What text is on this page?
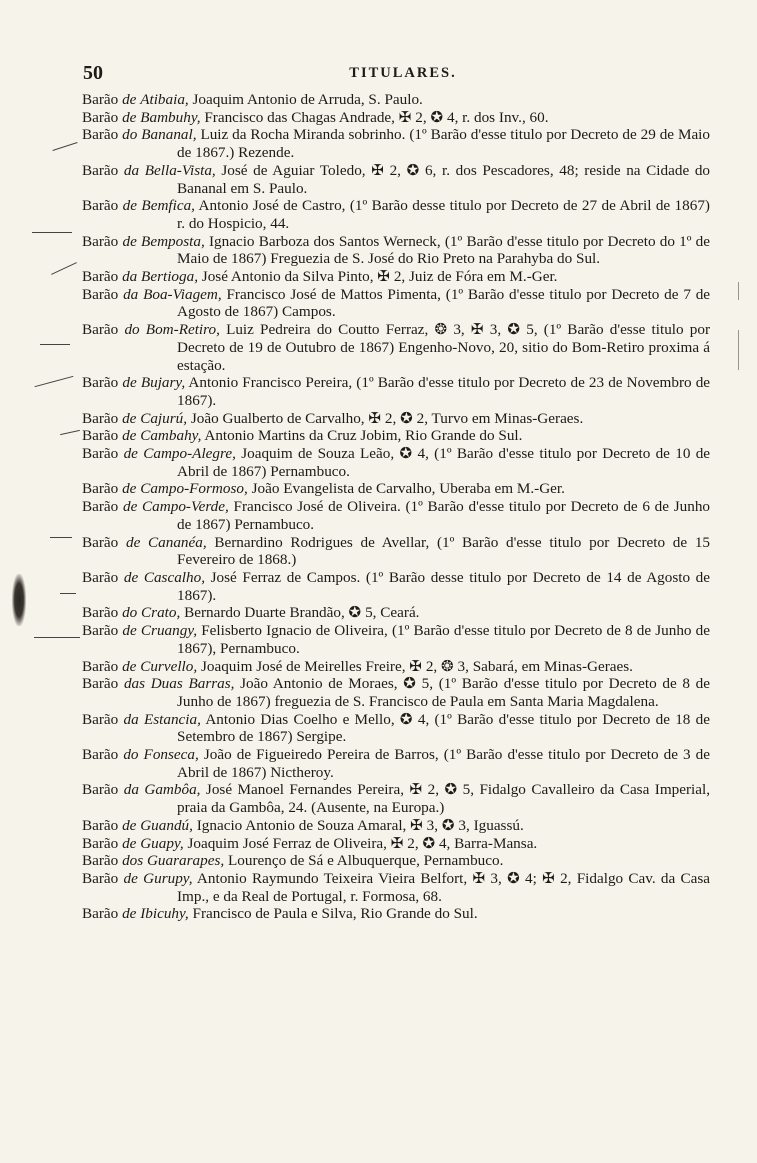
50	TITULARES.

Barão de Atibaia, Joaquim Antonio de Arruda, S. Paulo.

Barão de Bambuhy, Francisco das Chagas Andrade, ✠ 2, ✪ 4, r. dos Inv., 60.

Barão do Bananal, Luiz da Rocha Miranda sobrinho. (1º Barão d'esse titulo por Decreto de 29 de Maio de 1867.) Rezende.

Barão da Bella-Vista, José de Aguiar Toledo, ✠ 2, ✪ 6, r. dos Pescadores, 48; reside na Cidade do Bananal em S. Paulo.

Barão de Bemfica, Antonio José de Castro, (1º Barão desse titulo por Decreto de 27 de Abril de 1867) r. do Hospicio, 44.

Barão de Bemposta, Ignacio Barboza dos Santos Werneck, (1º Barão d'esse titulo por Decreto do 1º de Maio de 1867) Freguezia de S. José do Rio Preto na Parahyba do Sul.

Barão da Bertioga, José Antonio da Silva Pinto, ✠ 2, Juiz de Fóra em M.-Ger.

Barão da Boa-Viagem, Francisco José de Mattos Pimenta, (1º Barão d'esse titulo por Decreto de 7 de Agosto de 1867) Campos.

Barão do Bom-Retiro, Luiz Pedreira do Coutto Ferraz, ❂ 3, ✠ 3, ✪ 5, (1º Barão d'esse titulo por Decreto de 19 de Outubro de 1867) Engenho-Novo, 20, sitio do Bom-Retiro proxima á estação.

Barão de Bujary, Antonio Francisco Pereira, (1º Barão d'esse titulo por Decreto de 23 de Novembro de 1867).

Barão de Cajurú, João Gualberto de Carvalho, ✠ 2, ✪ 2, Turvo em Minas-Geraes.

Barão de Cambahy, Antonio Martins da Cruz Jobim, Rio Grande do Sul.

Barão de Campo-Alegre, Joaquim de Souza Leão, ✪ 4, (1º Barão d'esse titulo por Decreto de 10 de Abril de 1867) Pernambuco.

Barão de Campo-Formoso, João Evangelista de Carvalho, Uberaba em M.-Ger.

Barão de Campo-Verde, Francisco José de Oliveira. (1º Barão d'esse titulo por Decreto de 6 de Junho de 1867) Pernambuco.

Barão de Cananéa, Bernardino Rodrigues de Avellar, (1º Barão d'esse titulo por Decreto de 15 Fevereiro de 1868.)

Barão de Cascalho, José Ferraz de Campos. (1º Barão desse titulo por Decreto de 14 de Agosto de 1867).

Barão do Crato, Bernardo Duarte Brandão, ✪ 5, Ceará.

Barão de Cruangy, Felisberto Ignacio de Oliveira, (1º Barão d'esse titulo por Decreto de 8 de Junho de 1867), Pernambuco.

Barão de Curvello, Joaquim José de Meirelles Freire, ✠ 2, ❂ 3, Sabará, em Minas-Geraes.

Barão das Duas Barras, João Antonio de Moraes, ✪ 5, (1º Barão d'esse titulo por Decreto de 8 de Junho de 1867) freguezia de S. Francisco de Paula em Santa Maria Magdalena.

Barão da Estancia, Antonio Dias Coelho e Mello, ✪ 4, (1º Barão d'esse titulo por Decreto de 18 de Setembro de 1867) Sergipe.

Barão do Fonseca, João de Figueiredo Pereira de Barros, (1º Barão d'esse titulo por Decreto de 3 de Abril de 1867) Nictheroy.

Barão da Gambôa, José Manoel Fernandes Pereira, ✠ 2, ✪ 5, Fidalgo Cavalleiro da Casa Imperial, praia da Gambôa, 24. (Ausente, na Europa.)

Barão de Guandú, Ignacio Antonio de Souza Amaral, ✠ 3, ✪ 3, Iguassú.

Barão de Guapy, Joaquim José Ferraz de Oliveira, ✠ 2, ✪ 4, Barra-Mansa.

Barão dos Guararapes, Lourenço de Sá e Albuquerque, Pernambuco.

Barão de Gurupy, Antonio Raymundo Teixeira Vieira Belfort, ✠ 3, ✪ 4; ✠ 2, Fidalgo Cav. da Casa Imp., e da Real de Portugal, r. Formosa, 68.

Barão de Ibicuhy, Francisco de Paula e Silva, Rio Grande do Sul.
